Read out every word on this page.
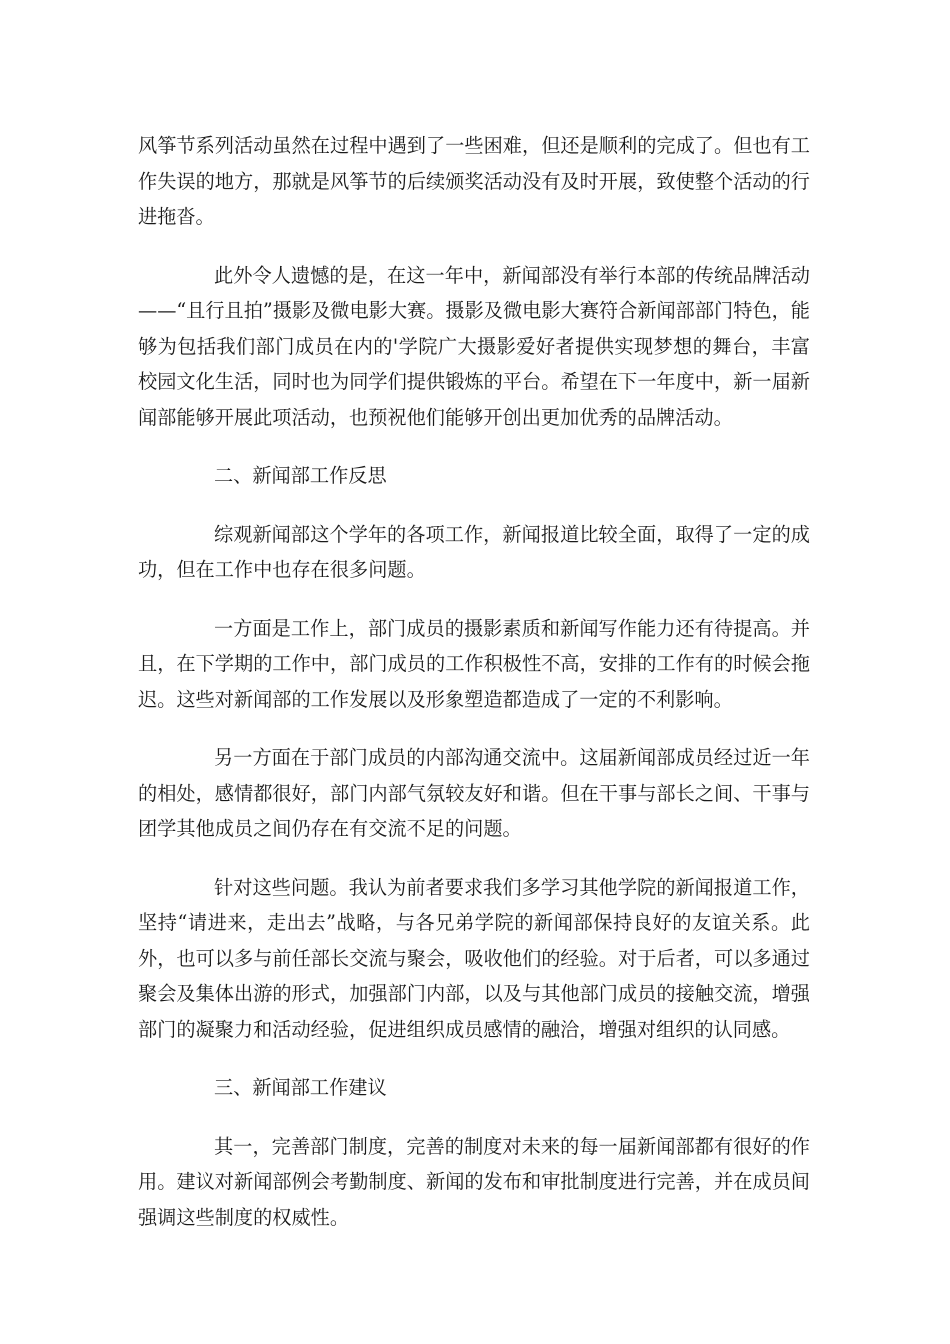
风筝节系列活动虽然在过程中遇到了一些困难，但还是顺利的完成了。但也有工作失误的地方，那就是风筝节的后续颁奖活动没有及时开展，致使整个活动的行进拖沓。

此外令人遗憾的是，在这一年中，新闻部没有举行本部的传统品牌活动——“且行且拍”摄影及微电影大赛。摄影及微电影大赛符合新闻部部门特色，能够为包括我们部门成员在内的'学院广大摄影爱好者提供实现梦想的舞台，丰富校园文化生活，同时也为同学们提供锻炼的平台。希望在下一年度中，新一届新闻部能够开展此项活动，也预祝他们能够开创出更加优秀的品牌活动。

二、新闻部工作反思

综观新闻部这个学年的各项工作，新闻报道比较全面，取得了一定的成功，但在工作中也存在很多问题。

一方面是工作上，部门成员的摄影素质和新闻写作能力还有待提高。并且，在下学期的工作中，部门成员的工作积极性不高，安排的工作有的时候会拖迟。这些对新闻部的工作发展以及形象塑造都造成了一定的不利影响。

另一方面在于部门成员的内部沟通交流中。这届新闻部成员经过近一年的相处，感情都很好，部门内部气氛较友好和谐。但在干事与部长之间、干事与团学其他成员之间仍存在有交流不足的问题。

针对这些问题。我认为前者要求我们多学习其他学院的新闻报道工作，坚持“请进来，走出去”战略，与各兄弟学院的新闻部保持良好的友谊关系。此外，也可以多与前任部长交流与聚会，吸收他们的经验。对于后者，可以多通过聚会及集体出游的形式，加强部门内部，以及与其他部门成员的接触交流，增强部门的凝聚力和活动经验，促进组织成员感情的融洽，增强对组织的认同感。

三、新闻部工作建议

其一，完善部门制度，完善的制度对未来的每一届新闻部都有很好的作用。建议对新闻部例会考勤制度、新闻的发布和审批制度进行完善，并在成员间强调这些制度的权威性。
